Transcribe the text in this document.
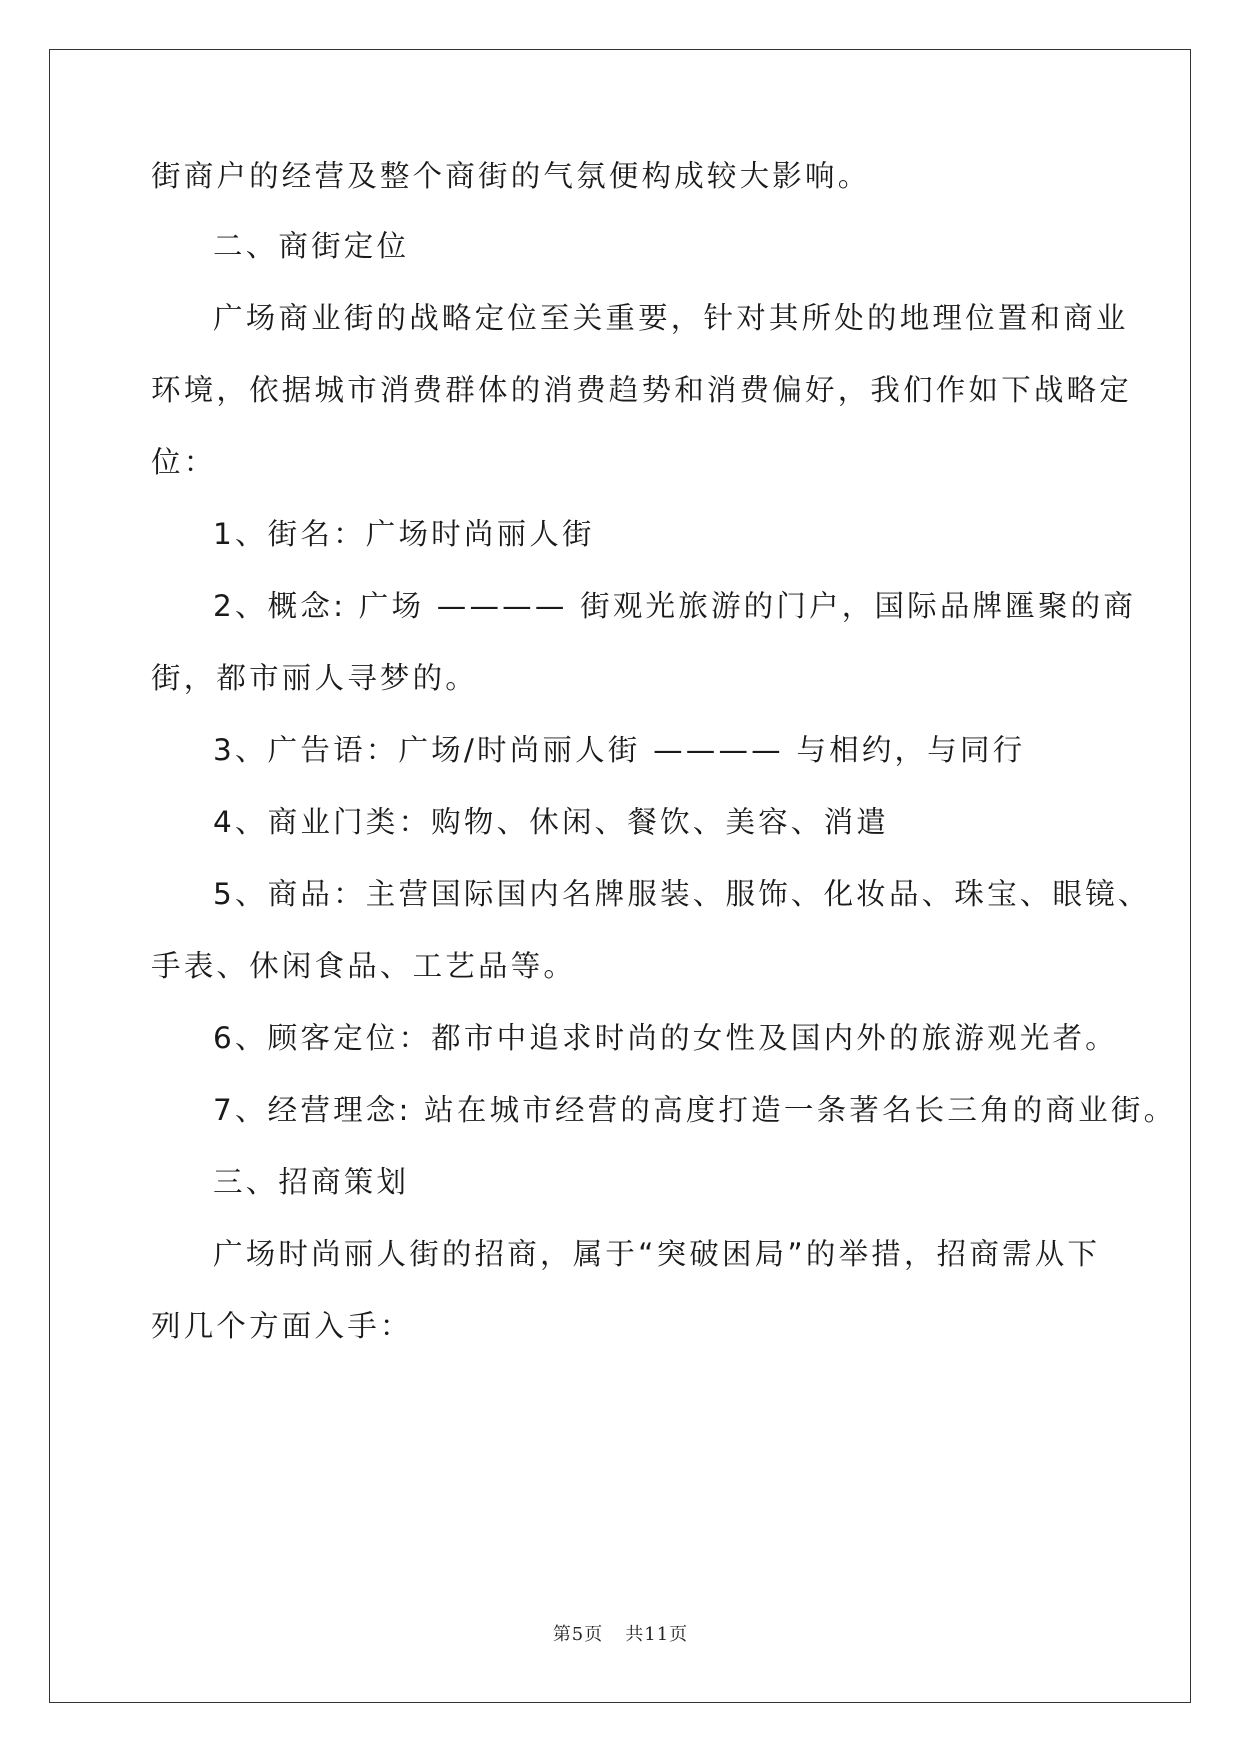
街商户的经营及整个商街的气氛便构成较大影响。
二、商街定位
广场商业街的战略定位至关重要，针对其所处的地理位置和商业
环境，依据城市消费群体的消费趋势和消费偏好，我们作如下战略定
位：
1、街名：广场时尚丽人街
2、概念: 广场 ———— 街观光旅游的门户，国际品牌匯聚的商
街，都市丽人寻梦的。
3、广告语：广场/时尚丽人街 ———— 与相约，与同行
4、商业门类：购物、休闲、餐饮、美容、消遣
5、商品：主营国际国内名牌服装、服饰、化妆品、珠宝、眼镜、
手表、休闲食品、工艺品等。
6、顾客定位：都市中追求时尚的女性及国内外的旅游观光者。
7、经营理念: 站在城市经营的高度打造一条著名长三角的商业街。
三、招商策划
广场时尚丽人街的招商，属于“突破困局”的举措，招商需从下
列几个方面入手：
第5页 共11页
